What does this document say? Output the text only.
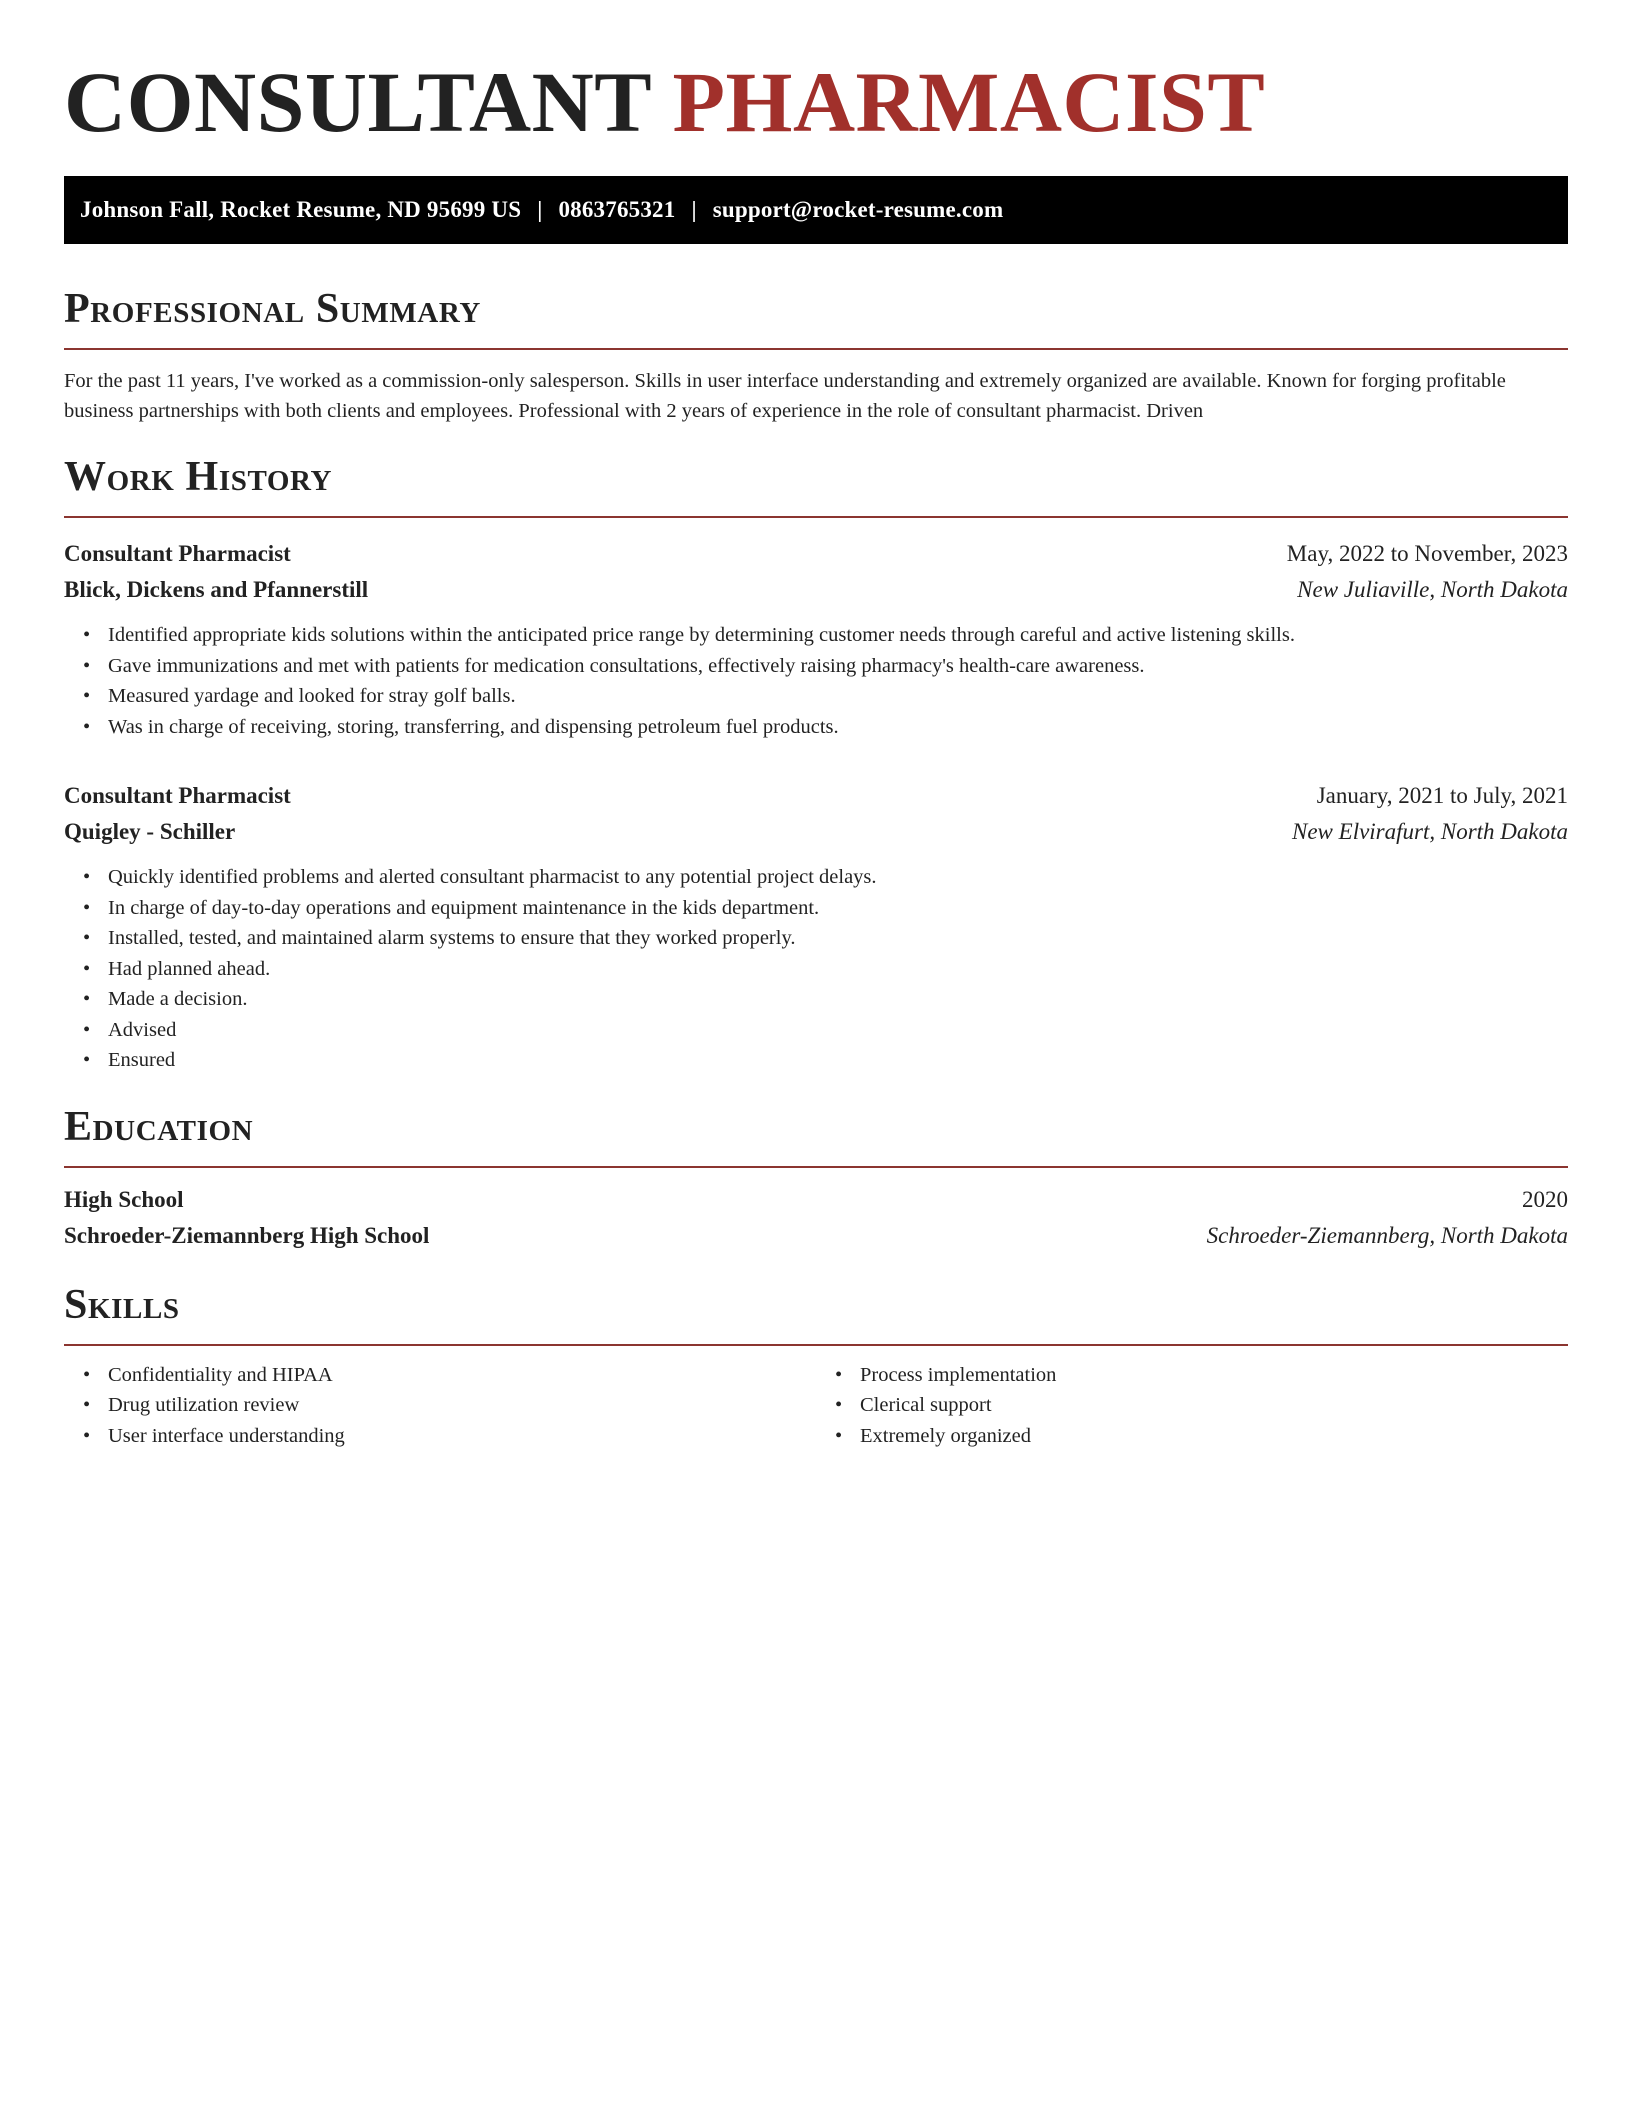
CONSULTANT PHARMACIST
Johnson Fall, Rocket Resume, ND 95699 US | 0863765321 | support@rocket-resume.com
Professional Summary

For the past 11 years, I've worked as a commission-only salesperson. Skills in user interface understanding and extremely organized are available. Known for forging profitable business partnerships with both clients and employees. Professional with 2 years of experience in the role of consultant pharmacist. Driven

Work History
Consultant Pharmacist	May, 2022 to November, 2023
Blick, Dickens and Pfannerstill	New Juliaville, North Dakota
• Identified appropriate kids solutions within the anticipated price range by determining customer needs through careful and active listening skills.
• Gave immunizations and met with patients for medication consultations, effectively raising pharmacy's health-care awareness.
• Measured yardage and looked for stray golf balls.
• Was in charge of receiving, storing, transferring, and dispensing petroleum fuel products.
Consultant Pharmacist	January, 2021 to July, 2021
Quigley - Schiller	New Elvirafurt, North Dakota
• Quickly identified problems and alerted consultant pharmacist to any potential project delays.
• In charge of day-to-day operations and equipment maintenance in the kids department.
• Installed, tested, and maintained alarm systems to ensure that they worked properly.
• Had planned ahead.
• Made a decision.
• Advised
• Ensured
Education
High School	2020
Schroeder-Ziemannberg High School	Schroeder-Ziemannberg, North Dakota
Skills
• Confidentiality and HIPAA
• Drug utilization review
• User interface understanding
• Process implementation
• Clerical support
• Extremely organized
